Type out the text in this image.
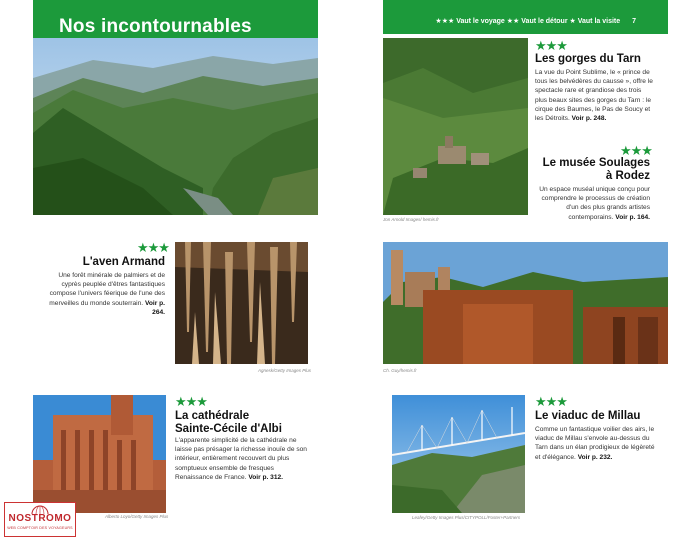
Nos incontournables	★★★ Vaut le voyage ★★ Vaut le détour ★ Vaut la visite 7
Jon Arnold Images/ hemis.fr
★★★
Les gorges du Tarn
La vue du Point Sublime, le « prince de tous les belvédères du causse », offre le spectacle rare et grandiose des trois plus beaux sites des gorges du Tarn : le cirque des Baumes, le Pas de Soucy et les Détroits. Voir p. 248.
★★★
Le musée Soulages
à Rodez
Un espace muséal unique conçu pour comprendre le processus de création d'un des plus grands artistes contemporains. Voir p. 164.
★★★
L'aven Armand
Une forêt minérale de palmiers et de cyprès peuplée d'êtres fantastiques compose l'univers féerique de l'une des merveilles du monde souterrain. Voir p. 264.
Agnesk/Getty Images Plus	Ch. Guy/hemis.fr
Alberto Loyo/Getty Images Plus
★★★
La cathédrale
Sainte-Cécile d'Albi
L'apparente simplicité de la cathédrale ne laisse pas présager la richesse inouïe de son intérieur, entièrement recouvert du plus somptueux ensemble de fresques Renaissance de France. Voir p. 312.
Leafey/Getty Images Plus/CITYPOLL/Foster+Partners
★★★
Le viaduc de Millau
Comme un fantastique voilier des airs, le viaduc de Millau s'envole au-dessus du Tarn dans un élan prodigieux de légèreté et d'élégance. Voir p. 232.
NOSTROMO
WEB COMPTOIR DES VOYAGEURS
